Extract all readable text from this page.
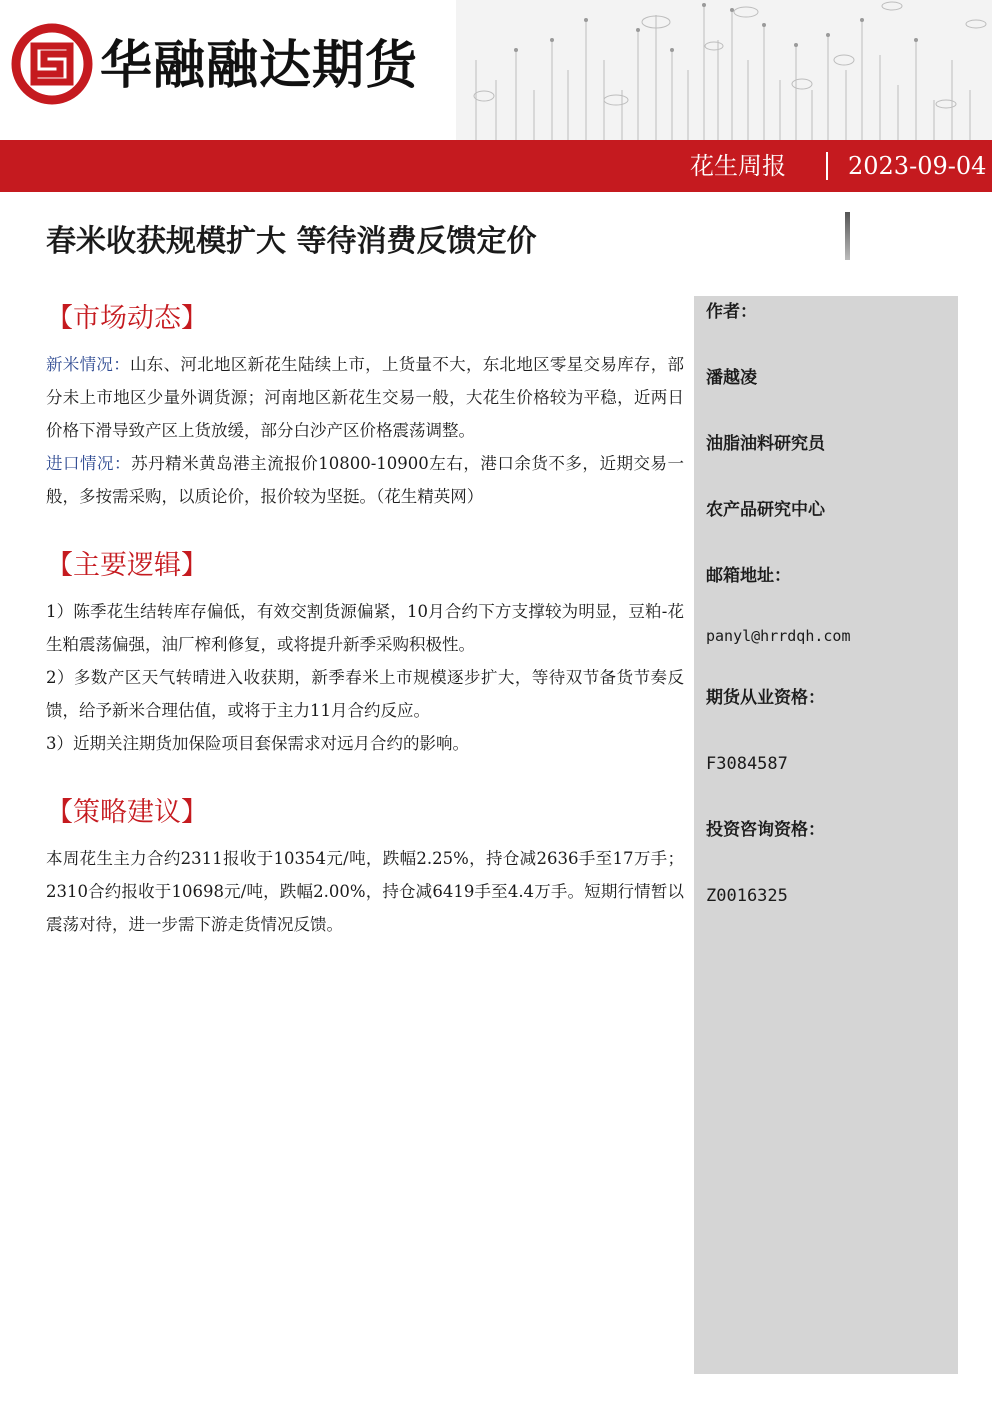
华融融达期货
花生周报	2023-09-04
春米收获规模扩大 等待消费反馈定价
【市场动态】

新米情况：山东、河北地区新花生陆续上市，上货量不大，东北地区零星交易库存，部分未上市地区少量外调货源；河南地区新花生交易一般，大花生价格较为平稳，近两日价格下滑导致产区上货放缓，部分白沙产区价格震荡调整。

进口情况：苏丹精米黄岛港主流报价10800-10900左右，港口余货不多，近期交易一般，多按需采购，以质论价，报价较为坚挺。（花生精英网）

【主要逻辑】

1）陈季花生结转库存偏低，有效交割货源偏紧，10月合约下方支撑较为明显，豆粕-花生粕震荡偏强，油厂榨利修复，或将提升新季采购积极性。

2）多数产区天气转晴进入收获期，新季春米上市规模逐步扩大，等待双节备货节奏反馈，给予新米合理估值，或将于主力11月合约反应。

3）近期关注期货加保险项目套保需求对远月合约的影响。

【策略建议】

本周花生主力合约2311报收于10354元/吨，跌幅2.25%，持仓减2636手至17万手；2310合约报收于10698元/吨，跌幅2.00%，持仓减6419手至4.4万手。短期行情暂以震荡对待，进一步需下游走货情况反馈。

作者：
潘越凌
油脂油料研究员
农产品研究中心
邮箱地址：
panyl@hrrdqh.com
期货从业资格：
F3084587
投资咨询资格：
Z0016325
